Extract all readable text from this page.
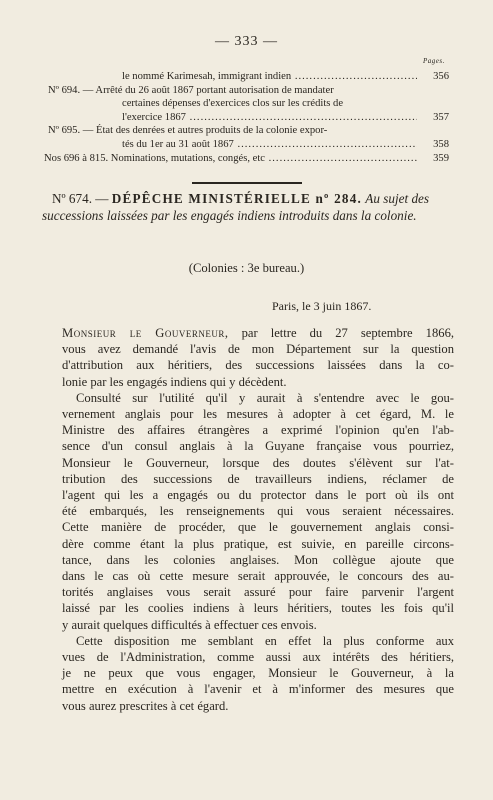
— 333 —
Pages.
le nommé Karimesah, immigrant indien .....	356
Nº 694. — Arrêté du 26 août 1867 portant autorisation de mandater
certaines dépenses d'exercices clos sur les crédits de
l'exercice 1867 .....	357
Nº 695. — État des denrées et autres produits de la colonie expor-
tés du 1er au 31 août 1867 .....	358
Nos 696 à 815. Nominations, mutations, congés, etc .....	359
Nº 674. — DÉPÊCHE MINISTÉRIELLE nº 284. Au sujet des successions laissées par les engagés indiens introduits dans la colonie.
(Colonies : 3e bureau.)
Paris, le 3 juin 1867.
Monsieur le Gouverneur, par lettre du 27 septembre 1866,
vous avez demandé l'avis de mon Département sur la question
d'attribution aux héritiers, des successions laissées dans la co-
lonie par les engagés indiens qui y décèdent.
Consulté sur l'utilité qu'il y aurait à s'entendre avec le gou-
vernement anglais pour les mesures à adopter à cet égard, M. le
Ministre des affaires étrangères a exprimé l'opinion qu'en l'ab-
sence d'un consul anglais à la Guyane française vous pourriez,
Monsieur le Gouverneur, lorsque des doutes s'élèvent sur l'at-
tribution des successions de travailleurs indiens, réclamer de
l'agent qui les a engagés ou du protector dans le port où ils ont
été embarqués, les renseignements qui vous seraient nécessaires.
Cette manière de procéder, que le gouvernement anglais consi-
dère comme étant la plus pratique, est suivie, en pareille circons-
tance, dans les colonies anglaises. Mon collègue ajoute que
dans le cas où cette mesure serait approuvée, le concours des au-
torités anglaises vous serait assuré pour faire parvenir l'argent
laissé par les coolies indiens à leurs héritiers, toutes les fois qu'il
y aurait quelques difficultés à effectuer ces envois.
Cette disposition me semblant en effet la plus conforme aux
vues de l'Administration, comme aussi aux intérêts des héritiers,
je ne peux que vous engager, Monsieur le Gouverneur, à la
mettre en exécution à l'avenir et à m'informer des mesures que
vous aurez prescrites à cet égard.
